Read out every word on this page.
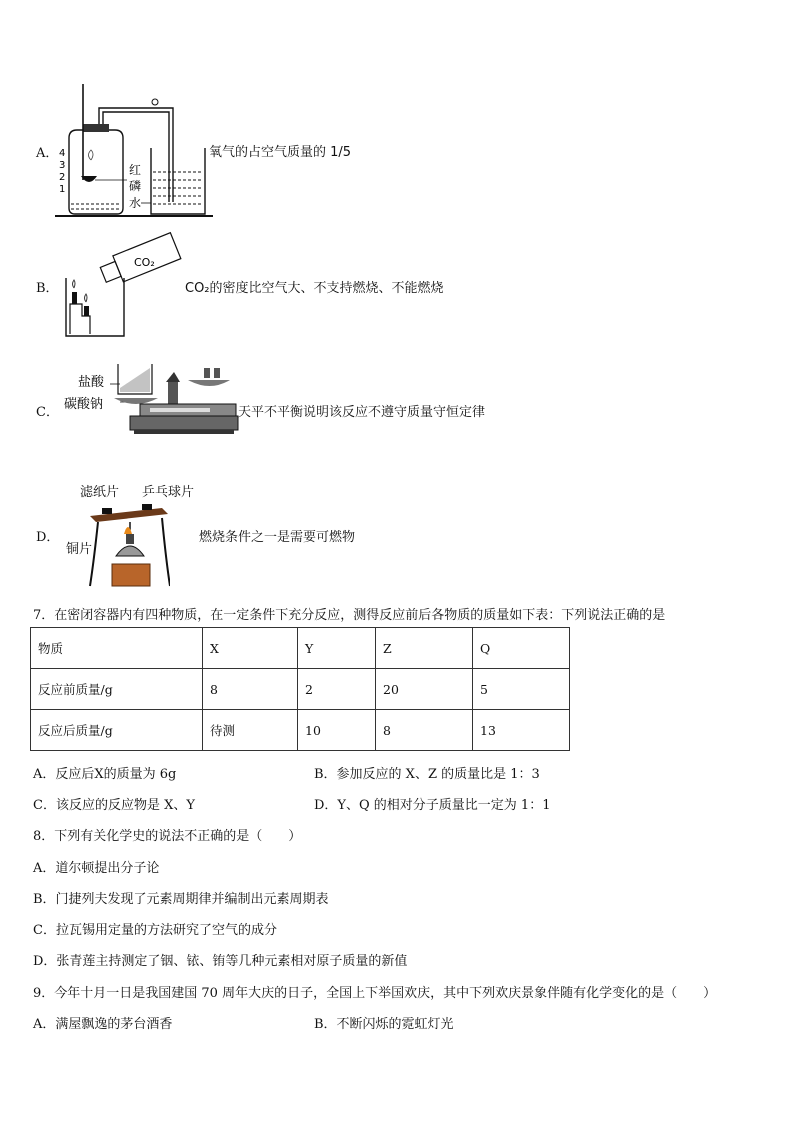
A． 4
3
2
1
红
磷
水
氧气的占空气质量的 1/5
B．
CO₂
CO₂的密度比空气大、不支持燃烧、不能燃烧
C．
盐酸
碳酸钠
天平不平衡说明该反应不遵守质量守恒定律
滤纸片 乒乓球片
D．
铜片
燃烧条件之一是需要可燃物
7．在密闭容器内有四种物质，在一定条件下充分反应，测得反应前后各物质的质量如下表：下列说法正确的是
物质	X	Y	Z	Q
反应前质量/g	8	2	20	5
反应后质量/g	待测	10	8	13
A．反应后X的质量为 6g	B．参加反应的 X、Z 的质量比是 1：3
C．该反应的反应物是 X、Y	D．Y、Q 的相对分子质量比一定为 1：1
8．下列有关化学史的说法不正确的是（　　）
A．道尔顿提出分子论
B．门捷列夫发现了元素周期律并编制出元素周期表
C．拉瓦锡用定量的方法研究了空气的成分
D．张青莲主持测定了铟、铱、铕等几种元素相对原子质量的新值
9．今年十月一日是我国建国 70 周年大庆的日子，全国上下举国欢庆，其中下列欢庆景象伴随有化学变化的是（　　）
A．满屋飘逸的茅台酒香	B．不断闪烁的霓虹灯光
